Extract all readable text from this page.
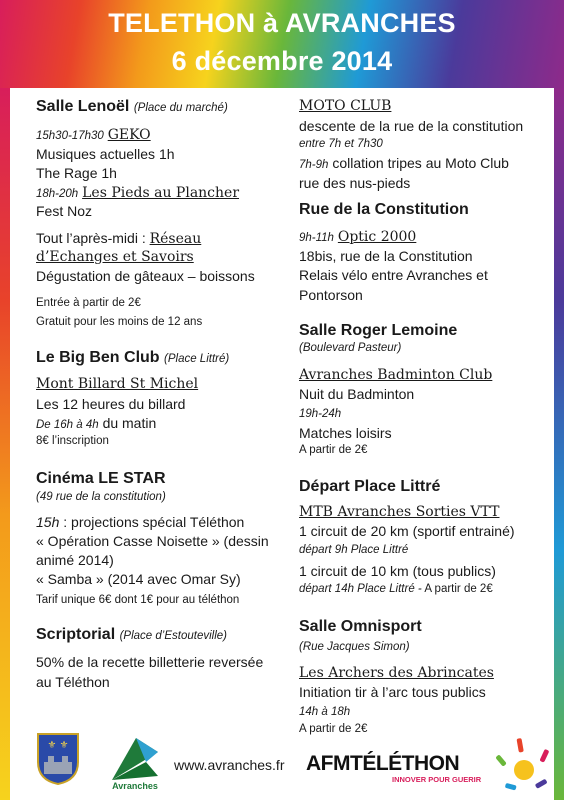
TELETHON à AVRANCHES
6 décembre 2014
Salle Lenoël (Place du marché)
15h30-17h30 GEKO
Musiques actuelles 1h
The Rage 1h
18h-20h Les Pieds au Plancher
Fest Noz
Tout l’après-midi : Réseau
d’Echanges et Savoirs
Dégustation de gâteaux – boissons
Entrée à partir de 2€
Gratuit pour les moins de 12 ans
Le Big Ben Club (Place Littré)
Mont Billard St Michel
Les 12 heures du billard
De 16h à 4h du matin
8€ l’inscription
Cinéma LE STAR
(49 rue de la constitution)
15h : projections spécial Téléthon
« Opération Casse Noisette » (dessin
animé 2014)
« Samba » (2014 avec Omar Sy)
Tarif unique 6€ dont 1€ pour au téléthon
Scriptorial (Place d’Estouteville)
50% de la recette billetterie reversée
au Téléthon
MOTO CLUB
descente de la rue de la constitution
entre 7h et 7h30
7h-9h collation tripes au Moto Club
rue des nus-pieds
Rue de la Constitution
9h-11h Optic 2000
18bis, rue de la Constitution
Relais vélo entre Avranches et
Pontorson
Salle Roger Lemoine
(Boulevard Pasteur)
Avranches Badminton Club
Nuit du Badminton
19h-24h
Matches loisirs
A partir de 2€
Départ Place Littré
MTB Avranches Sorties VTT
1 circuit de 20 km (sportif entrainé)
départ 9h Place Littré
1 circuit de 10 km (tous publics)
départ 14h Place Littré - A partir de 2€
Salle Omnisport
(Rue Jacques Simon)
Les Archers des Abrincates
Initiation tir à l’arc tous publics
14h à 18h
A partir de 2€
⚜ ⚜
Avranches
www.avranches.fr AFMTÉLÉTHON
INNOVER POUR GUERIR
